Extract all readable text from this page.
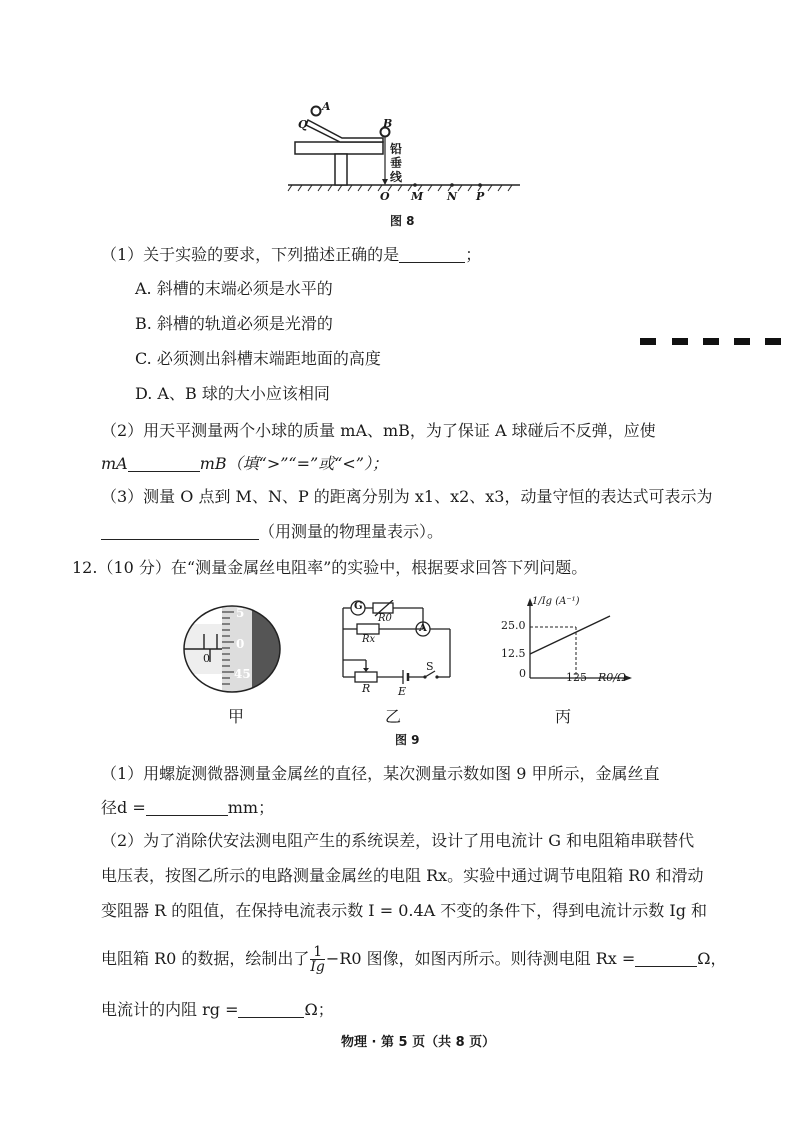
A
Q	B
铅垂线
O M N P
图 8
（1）关于实验的要求，下列描述正确的是	；
A. 斜槽的末端必须是水平的
B. 斜槽的轨道必须是光滑的
C. 必须测出斜槽末端距地面的高度
D. A、B 球的大小应该相同
（2）用天平测量两个小球的质量 mA、mB，为了保证 A 球碰后不反弹，应使
mA	mB（填“>”“=”或“<”）；
（3）测量 O 点到 M、N、P 的距离分别为 x1、x2、x3，动量守恒的表达式可表示为
（用测量的物理量表示）。
12.（10 分）在“测量金属丝电阻率”的实验中，根据要求回答下列问题。
5
0
45
0
G
R0
Rx
A
R	E
S
1/Ig (A⁻¹)
25.0
12.5
0	125 R0/Ω
甲	乙	丙
图 9
（1）用螺旋测微器测量金属丝的直径，某次测量示数如图 9 甲所示，金属丝直
径d =	mm；
（2）为了消除伏安法测电阻产生的系统误差，设计了用电流计 G 和电阻箱串联替代
电压表，按图乙所示的电路测量金属丝的电阻 Rx。实验中通过调节电阻箱 R0 和滑动
变阻器 R 的阻值，在保持电流表示数 I = 0.4A 不变的条件下，得到电流计示数 Ig 和
电阻箱 R0 的数据，绘制出了 $\frac{1}{Ig} -R0$ 图像，如图丙所示。则待测电阻 Rx =	Ω，
电流计的内阻 rg =	Ω；
物理 · 第 5 页（共 8 页）
